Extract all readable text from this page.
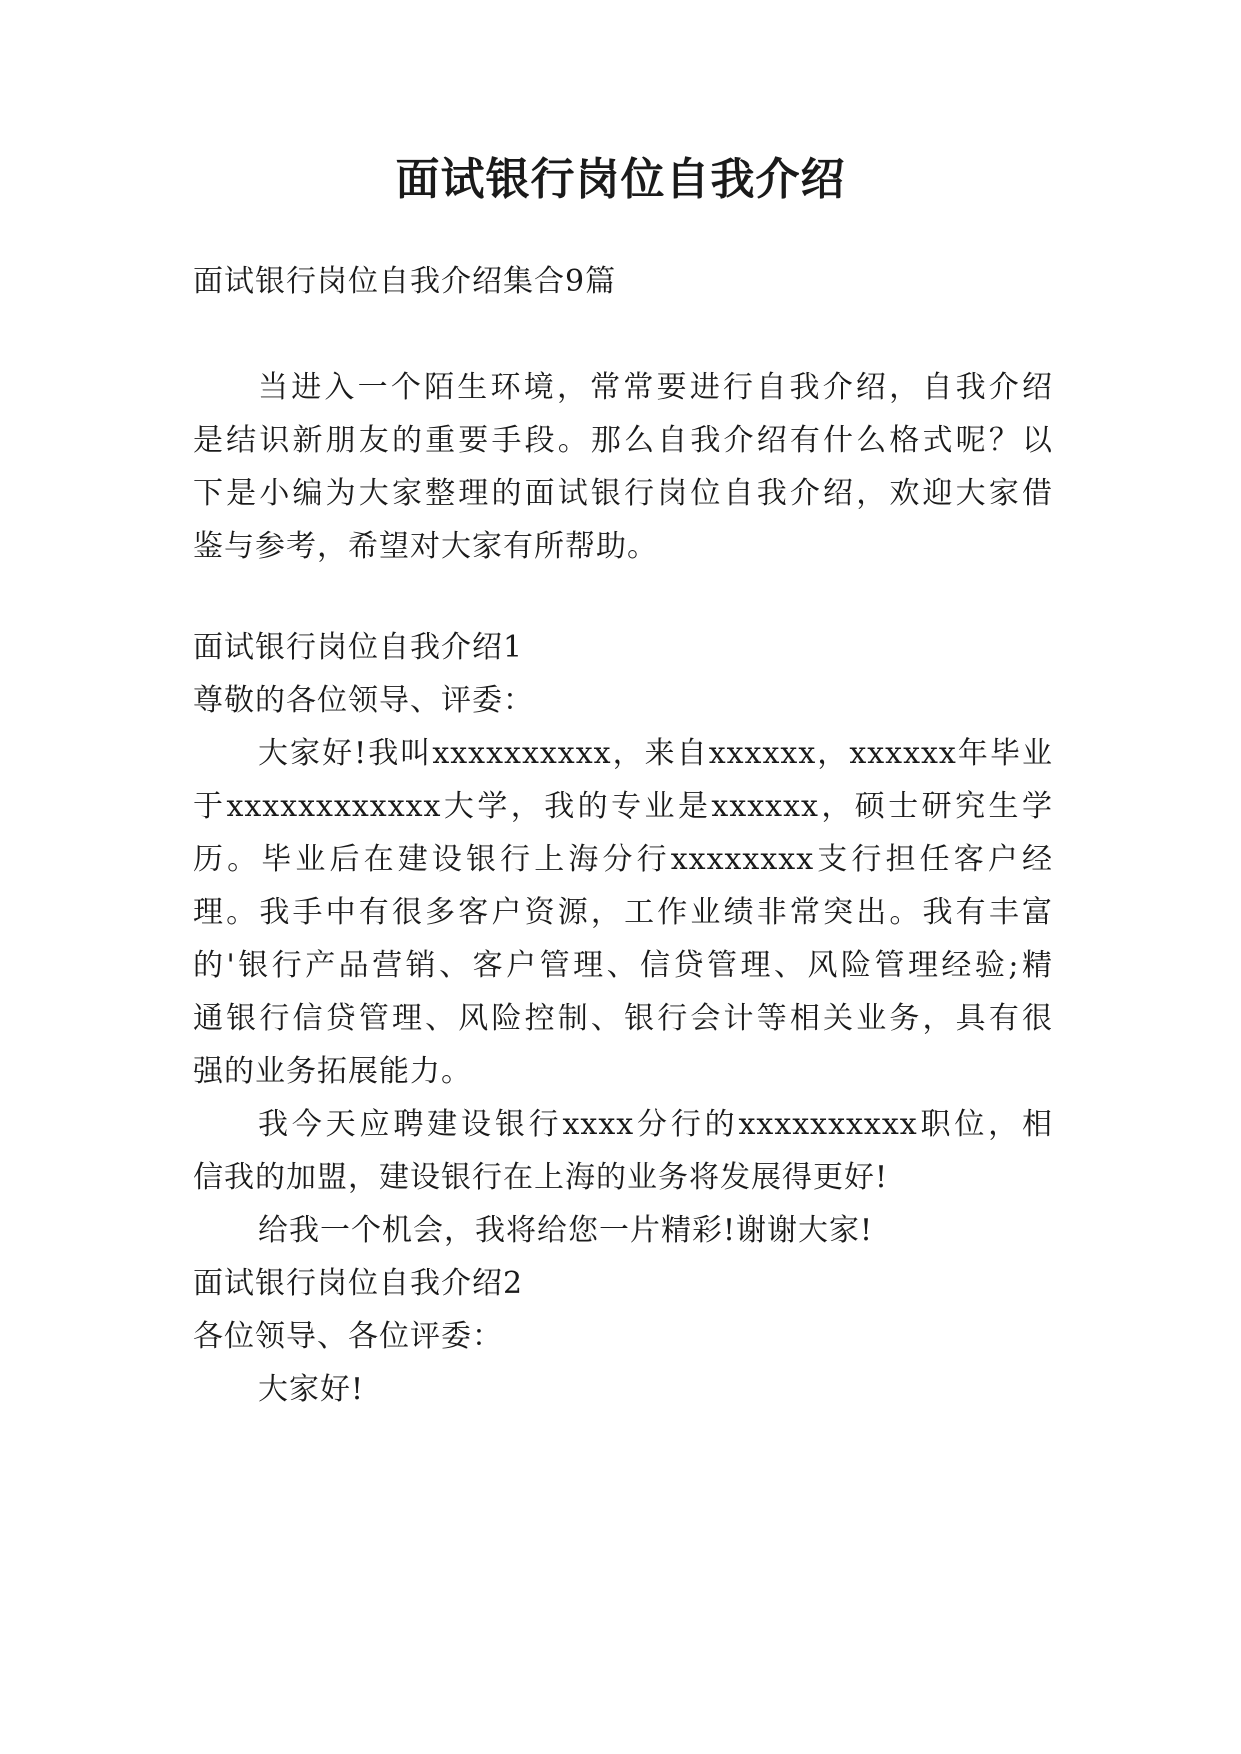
面试银行岗位自我介绍
面试银行岗位自我介绍集合9篇
当进入一个陌生环境，常常要进行自我介绍，自我介绍
是结识新朋友的重要手段。那么自我介绍有什么格式呢？以
下是小编为大家整理的面试银行岗位自我介绍，欢迎大家借
鉴与参考，希望对大家有所帮助。
面试银行岗位自我介绍1
尊敬的各位领导、评委：
大家好!我叫xxxxxxxxxx，来自xxxxxx，xxxxxx年毕业
于xxxxxxxxxxxx大学，我的专业是xxxxxx，硕士研究生学
历。毕业后在建设银行上海分行xxxxxxxx支行担任客户经
理。我手中有很多客户资源，工作业绩非常突出。我有丰富
的'银行产品营销、客户管理、信贷管理、风险管理经验;精
通银行信贷管理、风险控制、银行会计等相关业务，具有很
强的业务拓展能力。
我今天应聘建设银行xxxx分行的xxxxxxxxxx职位，相
信我的加盟，建设银行在上海的业务将发展得更好!
给我一个机会，我将给您一片精彩!谢谢大家!
面试银行岗位自我介绍2
各位领导、各位评委：
大家好!
